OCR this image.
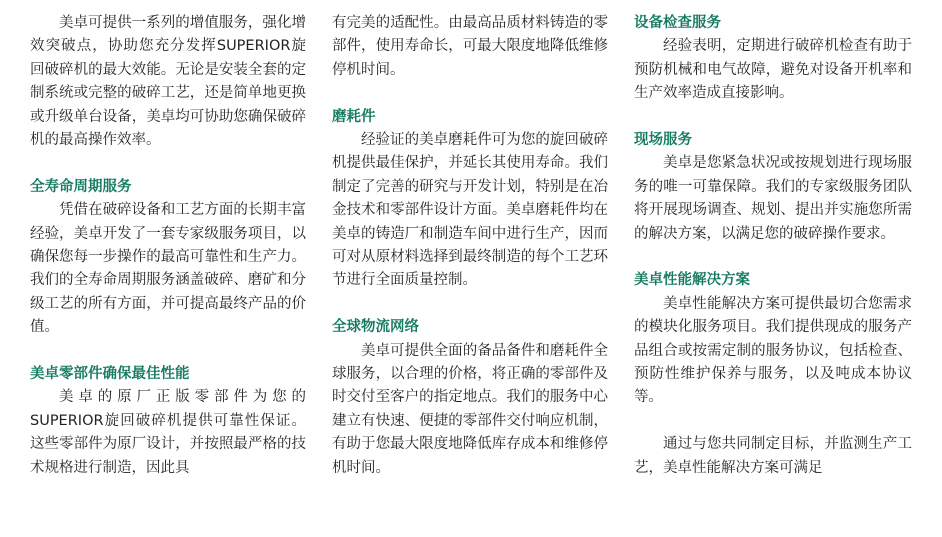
美卓可提供一系列的增值服务，强化增效突破点，协助您充分发挥SUPERIOR旋回破碎机的最大效能。无论是安装全套的定制系统或完整的破碎工艺，还是简单地更换或升级单台设备，美卓均可协助您确保破碎机的最高操作效率。

全寿命周期服务

凭借在破碎设备和工艺方面的长期丰富经验，美卓开发了一套专家级服务项目，以确保您每一步操作的最高可靠性和生产力。我们的全寿命周期服务涵盖破碎、磨矿和分级工艺的所有方面，并可提高最终产品的价值。

美卓零部件确保最佳性能

美卓的原厂正版零部件为您的SUPERIOR旋回破碎机提供可靠性保证。这些零部件为原厂设计，并按照最严格的技术规格进行制造，因此具

有完美的适配性。由最高品质材料铸造的零部件，使用寿命长，可最大限度地降低维修停机时间。

磨耗件

经验证的美卓磨耗件可为您的旋回破碎机提供最佳保护，并延长其使用寿命。我们制定了完善的研究与开发计划，特别是在冶金技术和零部件设计方面。美卓磨耗件均在美卓的铸造厂和制造车间中进行生产，因而可对从原材料选择到最终制造的每个工艺环节进行全面质量控制。

全球物流网络

美卓可提供全面的备品备件和磨耗件全球服务，以合理的价格，将正确的零部件及时交付至客户的指定地点。我们的服务中心建立有快速、便捷的零部件交付响应机制，有助于您最大限度地降低库存成本和维修停机时间。

设备检查服务

经验表明，定期进行破碎机检查有助于预防机械和电气故障，避免对设备开机率和生产效率造成直接影响。

现场服务

美卓是您紧急状况或按规划进行现场服务的唯一可靠保障。我们的专家级服务团队将开展现场调查、规划、提出并实施您所需的解决方案，以满足您的破碎操作要求。

美卓性能解决方案

美卓性能解决方案可提供最切合您需求的模块化服务项目。我们提供现成的服务产品组合或按需定制的服务协议，包括检查、预防性维护保养与服务，以及吨成本协议等。

通过与您共同制定目标，并监测生产工艺，美卓性能解决方案可满足
